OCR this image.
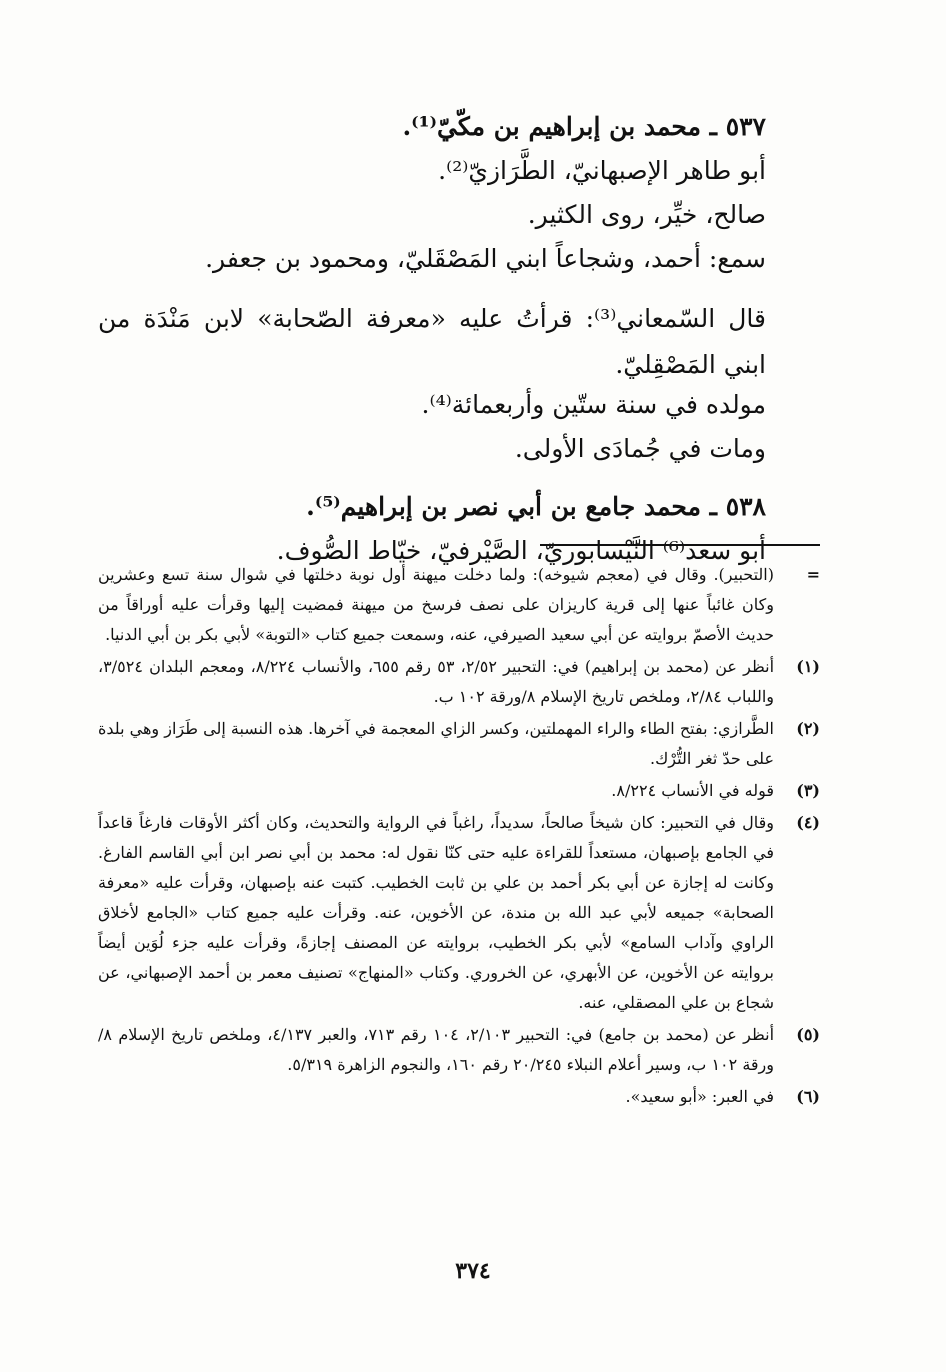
٥٣٧ ـ محمد بن إبراهيم بن مكّيّ⁽¹⁾.
أبو طاهر الإصبهانيّ، الطَّرَازيّ⁽²⁾.
صالح، خيِّر، روى الكثير.
سمع: أحمد، وشجاعاً ابني المَصْقَليّ، ومحمود بن جعفر.
قال السّمعاني⁽³⁾: قرأتُ عليه «معرفة الصّحابة» لابن مَنْدَة من ابني المَصْقِليّ.
مولده في سنة ستّين وأربعمائة⁽⁴⁾.
ومات في جُمادَى الأولى.
٥٣٨ ـ محمد جامع بن أبي نصر بن إبراهيم⁽⁵⁾.
أبو سعد⁽⁶⁾ النَّيْسابوريّ، الصَّيْرفيّ، خيّاط الصُّوف.
=
(التحبير). وقال في (معجم شيوخه): ولما دخلت ميهنة أول نوبة دخلتها في شوال سنة تسع وعشرين وكان غائباً عنها إلى قرية كاريزان على نصف فرسخ من ميهنة فمضيت إليها وقرأت عليه أوراقاً من حديث الأصمّ بروايته عن أبي سعيد الصيرفي، عنه، وسمعت جميع كتاب «التوبة» لأبي بكر بن أبي الدنيا.
(١)
أنظر عن (محمد بن إبراهيم) في: التحبير ٢/٥٢، ٥٣ رقم ٦٥٥، والأنساب ٨/٢٢٤، ومعجم البلدان ٣/٥٢٤، واللباب ٢/٨٤، وملخص تاريخ الإسلام ٨/ورقة ١٠٢ ب.
(٢)
الطَّرازي: بفتح الطاء والراء المهملتين، وكسر الزاي المعجمة في آخرها. هذه النسبة إلى طَرَاز وهي بلدة على حدّ ثغر التُّرْك.
(٣)
قوله في الأنساب ٨/٢٢٤.
(٤)
وقال في التحبير: كان شيخاً صالحاً، سديداً، راغباً في الرواية والتحديث، وكان أكثر الأوقات فارغاً قاعداً في الجامع بإصبهان، مستعداً للقراءة عليه حتى كنّا نقول له: محمد بن أبي نصر ابن أبي القاسم الفارغ. وكانت له إجازة عن أبي بكر أحمد بن علي بن ثابت الخطيب. كتبت عنه بإصبهان، وقرأت عليه «معرفة الصحابة» جميعه لأبي عبد الله بن مندة، عن الأخوين، عنه. وقرأت عليه جميع كتاب «الجامع لأخلاق الراوي وآداب السامع» لأبي بكر الخطيب، بروايته عن المصنف إجازةً، وقرأت عليه جزء لُوَين أيضاً بروايته عن الأخوين، عن الأبهري، عن الخروري. وكتاب «المنهاج» تصنيف معمر بن أحمد الإصبهاني، عن شجاع بن علي المصقلي، عنه.
(٥)
أنظر عن (محمد بن جامع) في: التحبير ٢/١٠٣، ١٠٤ رقم ٧١٣، والعبر ٤/١٣٧، وملخص تاريخ الإسلام ٨/ورقة ١٠٢ ب، وسير أعلام النبلاء ٢٠/٢٤٥ رقم ١٦٠، والنجوم الزاهرة ٥/٣١٩.
(٦)
في العبر: «أبو سعيد».
٣٧٤
